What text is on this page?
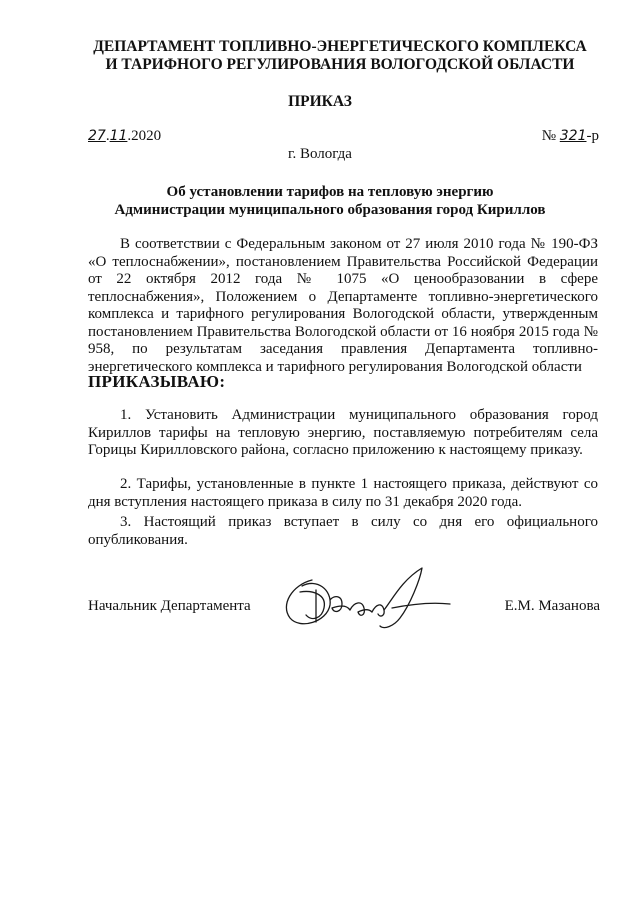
ДЕПАРТАМЕНТ ТОПЛИВНО-ЭНЕРГЕТИЧЕСКОГО КОМПЛЕКСА
И ТАРИФНОГО РЕГУЛИРОВАНИЯ ВОЛОГОДСКОЙ ОБЛАСТИ
ПРИКАЗ
27.11.2020	№ 321-р
г. Вологда
Об установлении тарифов на тепловую энергию
Администрации муниципального образования город Кириллов
В соответствии с Федеральным законом от 27 июля 2010 года № 190-ФЗ «О теплоснабжении», постановлением Правительства Российской Федерации от 22 октября 2012 года № 1075 «О ценообразовании в сфере теплоснабжения», Положением о Департаменте топливно-энергетического комплекса и тарифного регулирования Вологодской области, утвержденным постановлением Правительства Вологодской области от 16 ноября 2015 года № 958, по результатам заседания правления Департамента топливно-энергетического комплекса и тарифного регулирования Вологодской области
ПРИКАЗЫВАЮ:
1. Установить Администрации муниципального образования город Кириллов тарифы на тепловую энергию, поставляемую потребителям села Горицы Кирилловского района, согласно приложению к настоящему приказу.
2. Тарифы, установленные в пункте 1 настоящего приказа, действуют со дня вступления настоящего приказа в силу по 31 декабря 2020 года.
3. Настоящий приказ вступает в силу со дня его официального опубликования.
Начальник Департамента	Е.М. Мазанова
